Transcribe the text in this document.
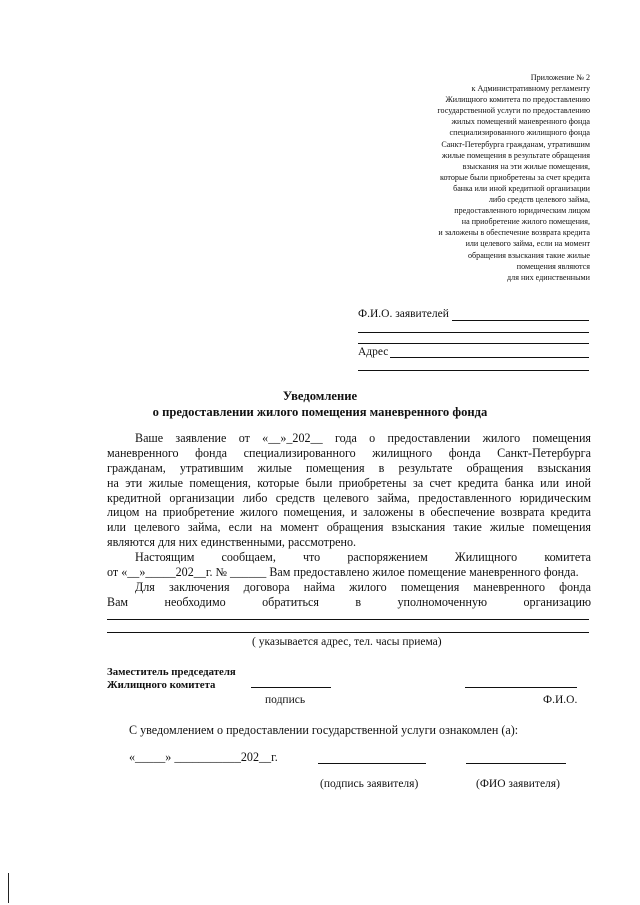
Приложение № 2
к Административному регламенту
Жилищного комитета по предоставлению
государственной услуги по предоставлению
жилых помещений маневренного фонда
специализированного жилищного фонда
Санкт-Петербурга гражданам, утратившим
жилые помещения в результате обращения
взыскания на эти жилые помещения,
которые были приобретены за счет кредита
банка или иной кредитной организации
либо средств целевого займа,
предоставленного юридическим лицом
на приобретение жилого помещения,
и заложены в обеспечение возврата кредита
или целевого займа, если на момент
обращения взыскания такие жилые
помещения являются
для них единственными
Ф.И.О. заявителей
Адрес
Уведомление
о предоставлении жилого помещения маневренного фонда
Ваше заявление от «__»_202__ года о предоставлении жилого помещения
маневренного фонда специализированного жилищного фонда Санкт-Петербурга
гражданам, утратившим жилые помещения в результате обращения взыскания
на эти жилые помещения, которые были приобретены за счет кредита банка или иной
кредитной организации либо средств целевого займа, предоставленного юридическим
лицом на приобретение жилого помещения, и заложены в обеспечение возврата кредита
или целевого займа, если на момент обращения взыскания такие жилые помещения
являются для них единственными, рассмотрено.
Настоящим сообщаем, что распоряжением Жилищного комитета
от «__»_____202__г. № ______ Вам предоставлено жилое помещение маневренного фонда.
Для заключения договора найма жилого помещения маневренного фонда
Вам необходимо обратиться в уполномоченную организацию
( указывается адрес, тел. часы приема)
Заместитель председателя
Жилищного комитета
подпись	Ф.И.О.
С уведомлением о предоставлении государственной услуги ознакомлен (а):
«_____» ___________202__г.
(подпись заявителя)	(ФИО заявителя)
